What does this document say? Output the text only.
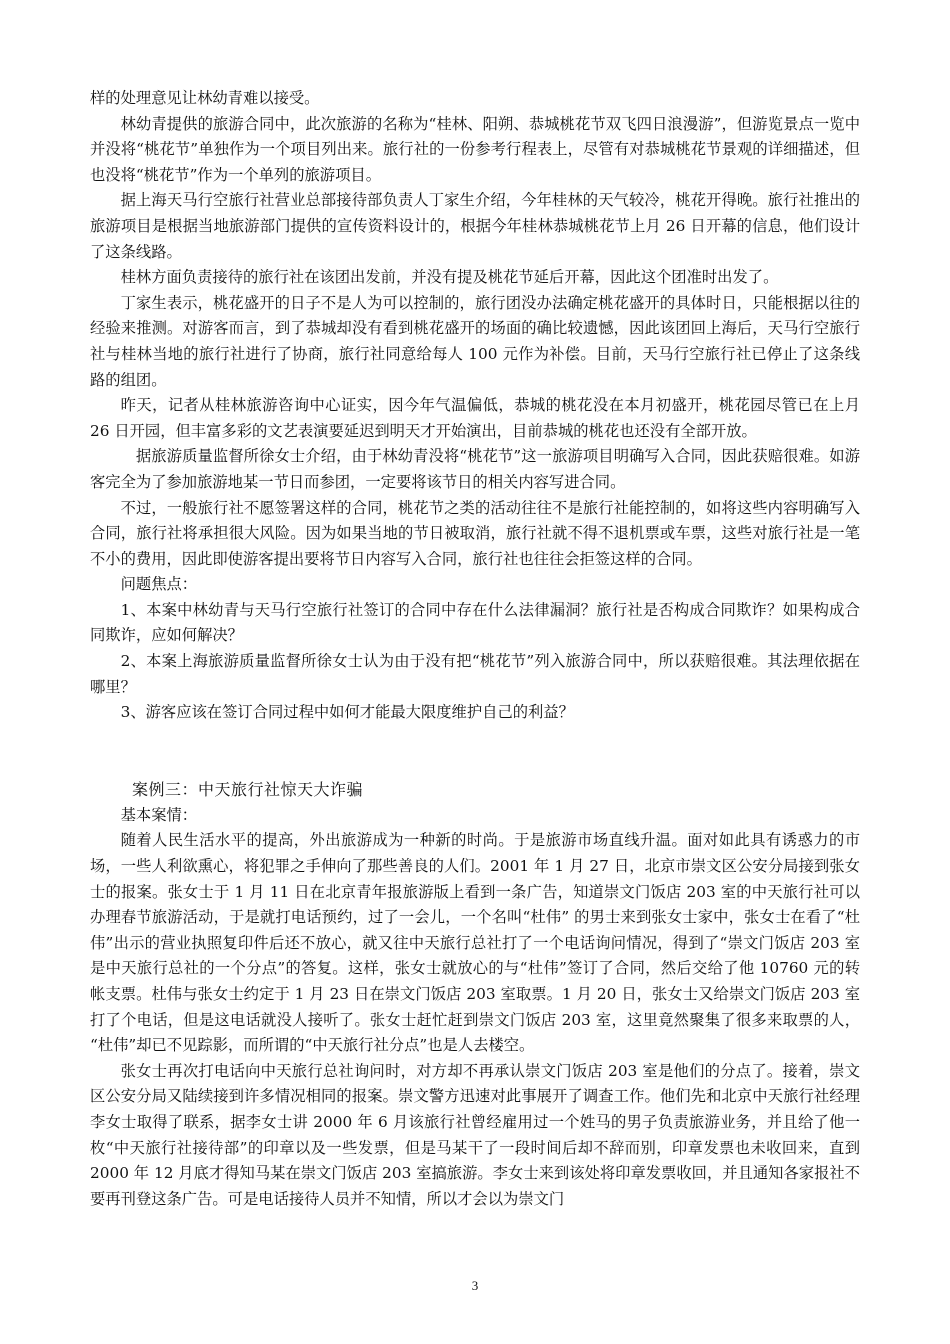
样的处理意见让林幼青难以接受。

林幼青提供的旅游合同中，此次旅游的名称为“桂林、阳朔、恭城桃花节双飞四日浪漫游”，但游览景点一览中并没将“桃花节”单独作为一个项目列出来。旅行社的一份参考行程表上，尽管有对恭城桃花节景观的详细描述，但也没将“桃花节”作为一个单列的旅游项目。

据上海天马行空旅行社营业总部接待部负责人丁家生介绍，今年桂林的天气较冷，桃花开得晚。旅行社推出的旅游项目是根据当地旅游部门提供的宣传资料设计的，根据今年桂林恭城桃花节上月 26 日开幕的信息，他们设计了这条线路。

桂林方面负责接待的旅行社在该团出发前，并没有提及桃花节延后开幕，因此这个团准时出发了。

丁家生表示，桃花盛开的日子不是人为可以控制的，旅行团没办法确定桃花盛开的具体时日，只能根据以往的经验来推测。对游客而言，到了恭城却没有看到桃花盛开的场面的确比较遗憾，因此该团回上海后，天马行空旅行社与桂林当地的旅行社进行了协商，旅行社同意给每人 100 元作为补偿。目前，天马行空旅行社已停止了这条线路的组团。

昨天，记者从桂林旅游咨询中心证实，因今年气温偏低，恭城的桃花没在本月初盛开，桃花园尽管已在上月 26 日开园，但丰富多彩的文艺表演要延迟到明天才开始演出，目前恭城的桃花也还没有全部开放。

据旅游质量监督所徐女士介绍，由于林幼青没将“桃花节”这一旅游项目明确写入合同，因此获赔很难。如游客完全为了参加旅游地某一节日而参团，一定要将该节日的相关内容写进合同。

不过，一般旅行社不愿签署这样的合同，桃花节之类的活动往往不是旅行社能控制的，如将这些内容明确写入合同，旅行社将承担很大风险。因为如果当地的节日被取消，旅行社就不得不退机票或车票，这些对旅行社是一笔不小的费用，因此即使游客提出要将节日内容写入合同，旅行社也往往会拒签这样的合同。

问题焦点：

1、本案中林幼青与天马行空旅行社签订的合同中存在什么法律漏洞？旅行社是否构成合同欺诈？如果构成合同欺诈，应如何解决？

2、本案上海旅游质量监督所徐女士认为由于没有把“桃花节”列入旅游合同中，所以获赔很难。其法理依据在哪里？

3、游客应该在签订合同过程中如何才能最大限度维护自己的利益？

案例三：中天旅行社惊天大诈骗

基本案情：

随着人民生活水平的提高，外出旅游成为一种新的时尚。于是旅游市场直线升温。面对如此具有诱惑力的市场，一些人利欲熏心，将犯罪之手伸向了那些善良的人们。2001 年 1 月 27 日，北京市崇文区公安分局接到张女士的报案。张女士于 1 月 11 日在北京青年报旅游版上看到一条广告，知道崇文门饭店 203 室的中天旅行社可以办理春节旅游活动，于是就打电话预约，过了一会儿，一个名叫“杜伟” 的男士来到张女士家中，张女士在看了“杜伟”出示的营业执照复印件后还不放心，就又往中天旅行总社打了一个电话询问情况，得到了“崇文门饭店 203 室是中天旅行总社的一个分点”的答复。这样，张女士就放心的与“杜伟”签订了合同，然后交给了他 10760 元的转帐支票。杜伟与张女士约定于 1 月 23 日在崇文门饭店 203 室取票。1 月 20 日，张女士又给崇文门饭店 203 室打了个电话，但是这电话就没人接听了。张女士赶忙赶到崇文门饭店 203 室，这里竟然聚集了很多来取票的人， “杜伟”却已不见踪影，而所谓的“中天旅行社分点”也是人去楼空。

张女士再次打电话向中天旅行总社询问时，对方却不再承认崇文门饭店 203 室是他们的分点了。接着，崇文区公安分局又陆续接到许多情况相同的报案。崇文警方迅速对此事展开了调查工作。他们先和北京中天旅行社经理李女士取得了联系，据李女士讲 2000 年 6 月该旅行社曾经雇用过一个姓马的男子负责旅游业务，并且给了他一枚“中天旅行社接待部”的印章以及一些发票，但是马某干了一段时间后却不辞而别，印章发票也未收回来，直到 2000 年 12 月底才得知马某在崇文门饭店 203 室搞旅游。李女士来到该处将印章发票收回，并且通知各家报社不要再刊登这条广告。可是电话接待人员并不知情，所以才会以为崇文门

3
